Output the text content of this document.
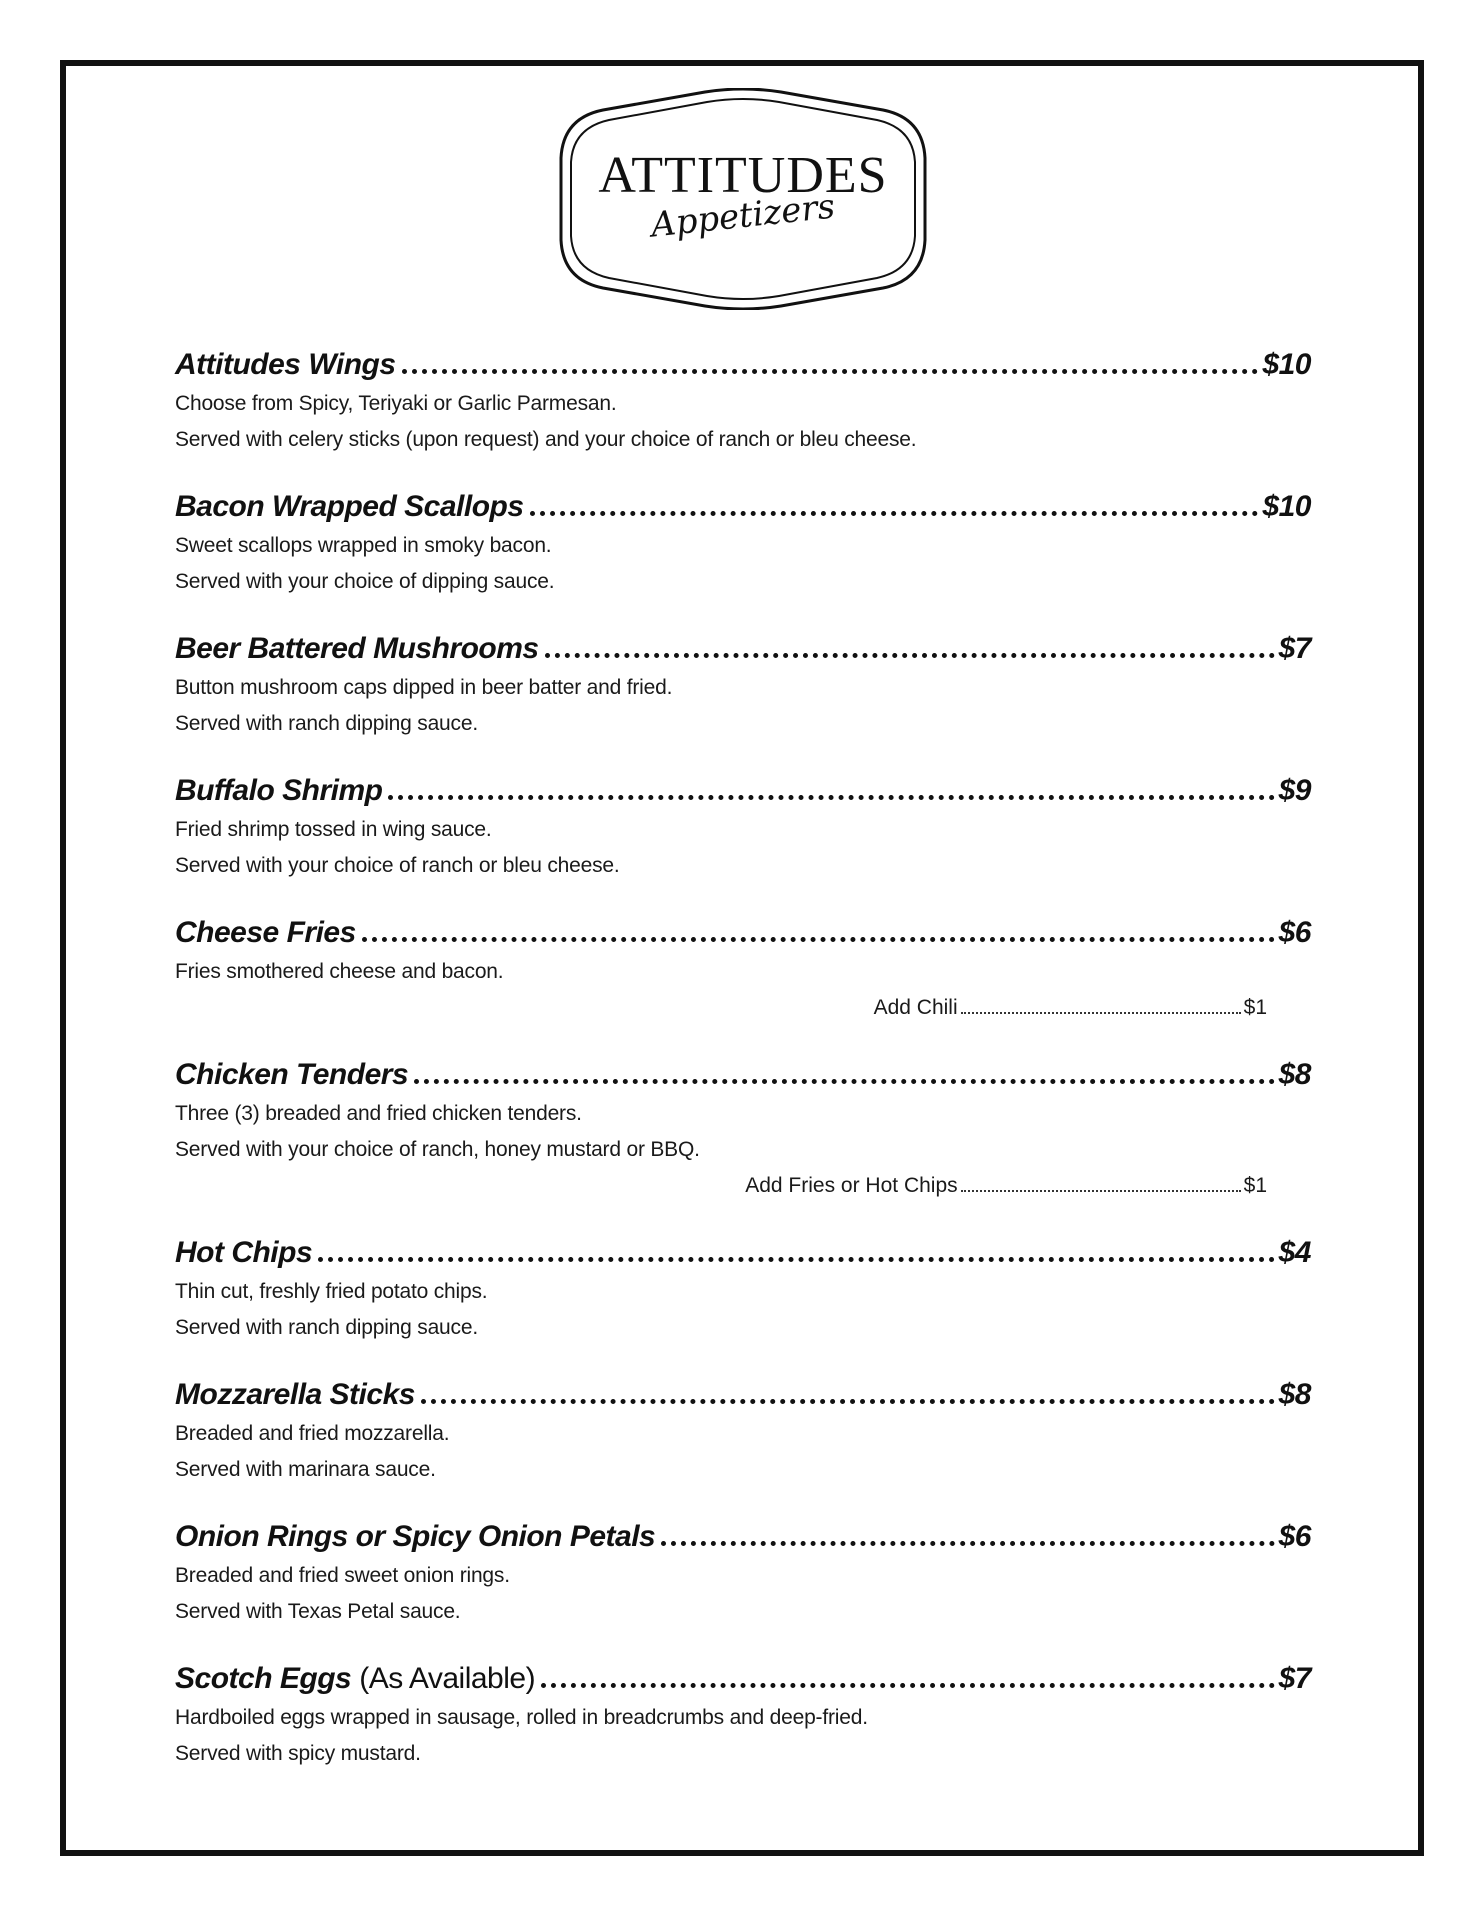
ATTITUDES
Appetizers
Attitudes Wings	$10
Choose from Spicy, Teriyaki or Garlic Parmesan.
Served with celery sticks (upon request) and your choice of ranch or bleu cheese.
Bacon Wrapped Scallops	$10
Sweet scallops wrapped in smoky bacon.
Served with your choice of dipping sauce.
Beer Battered Mushrooms	$7
Button mushroom caps dipped in beer batter and fried.
Served with ranch dipping sauce.
Buffalo Shrimp	$9
Fried shrimp tossed in wing sauce.
Served with your choice of ranch or bleu cheese.
Cheese Fries	$6
Fries smothered cheese and bacon.
Add Chili	$1
Chicken Tenders	$8
Three (3) breaded and fried chicken tenders.
Served with your choice of ranch, honey mustard or BBQ.
Add Fries or Hot Chips	$1
Hot Chips	$4
Thin cut, freshly fried potato chips.
Served with ranch dipping sauce.
Mozzarella Sticks	$8
Breaded and fried mozzarella.
Served with marinara sauce.
Onion Rings or Spicy Onion Petals	$6
Breaded and fried sweet onion rings.
Served with Texas Petal sauce.
Scotch Eggs (As Available)	$7
Hardboiled eggs wrapped in sausage, rolled in breadcrumbs and deep-fried.
Served with spicy mustard.
